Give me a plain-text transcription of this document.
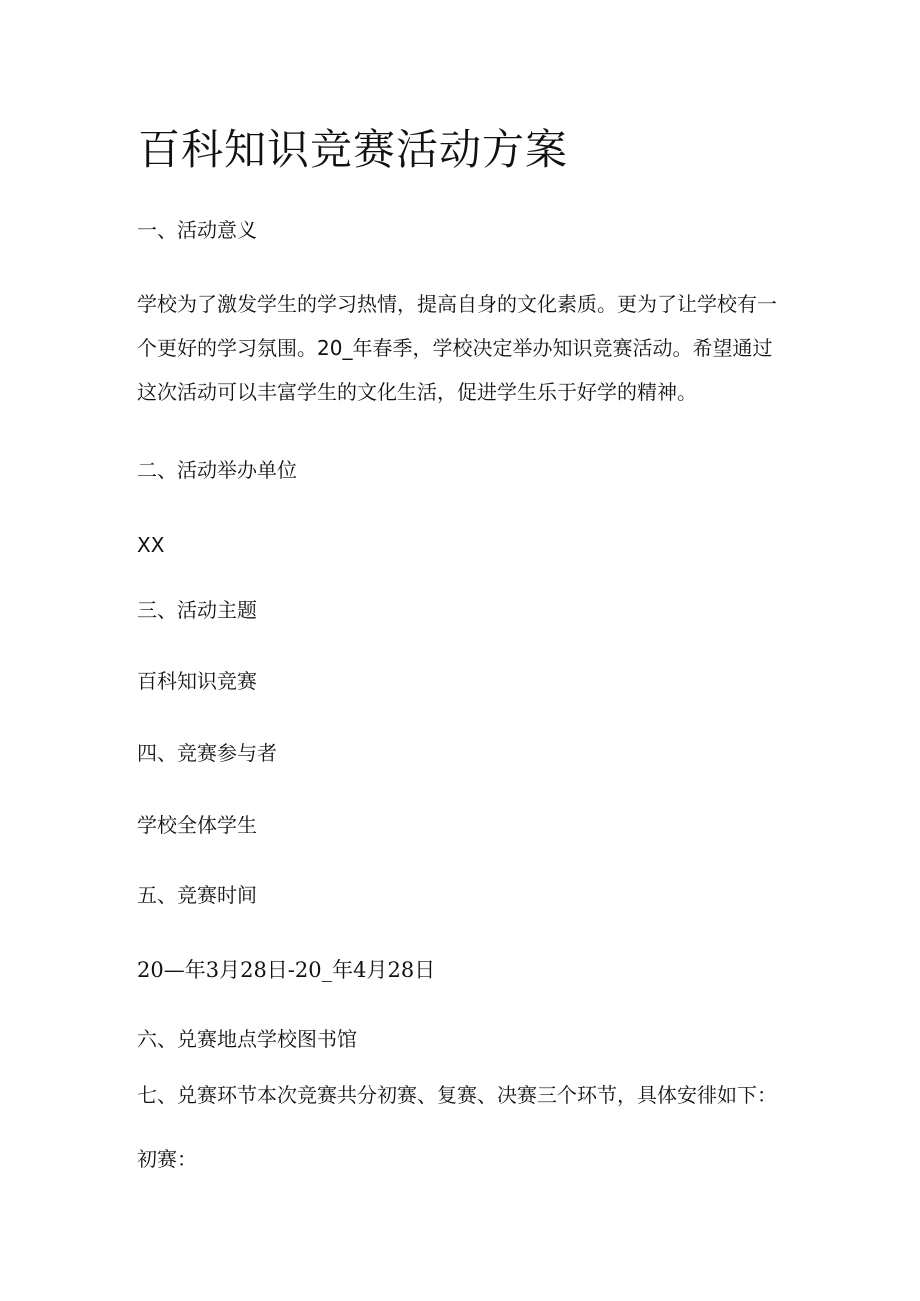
百科知识竞赛活动方案

一、活动意义

学校为了激发学生的学习热情，提高自身的文化素质。更为了让学校有一
个更好的学习氛围。20_年春季，学校决定举办知识竞赛活动。希望通过
这次活动可以丰富学生的文化生活，促进学生乐于好学的精神。

二、活动举办单位

XX

三、活动主题

百科知识竞赛

四、竞赛参与者

学校全体学生

五、竞赛时间

20—年3月28日-20_年4月28日

六、兑赛地点学校图书馆

七、兑赛环节本次竞赛共分初赛、复赛、决赛三个环节，具体安徘如下：

初赛：
